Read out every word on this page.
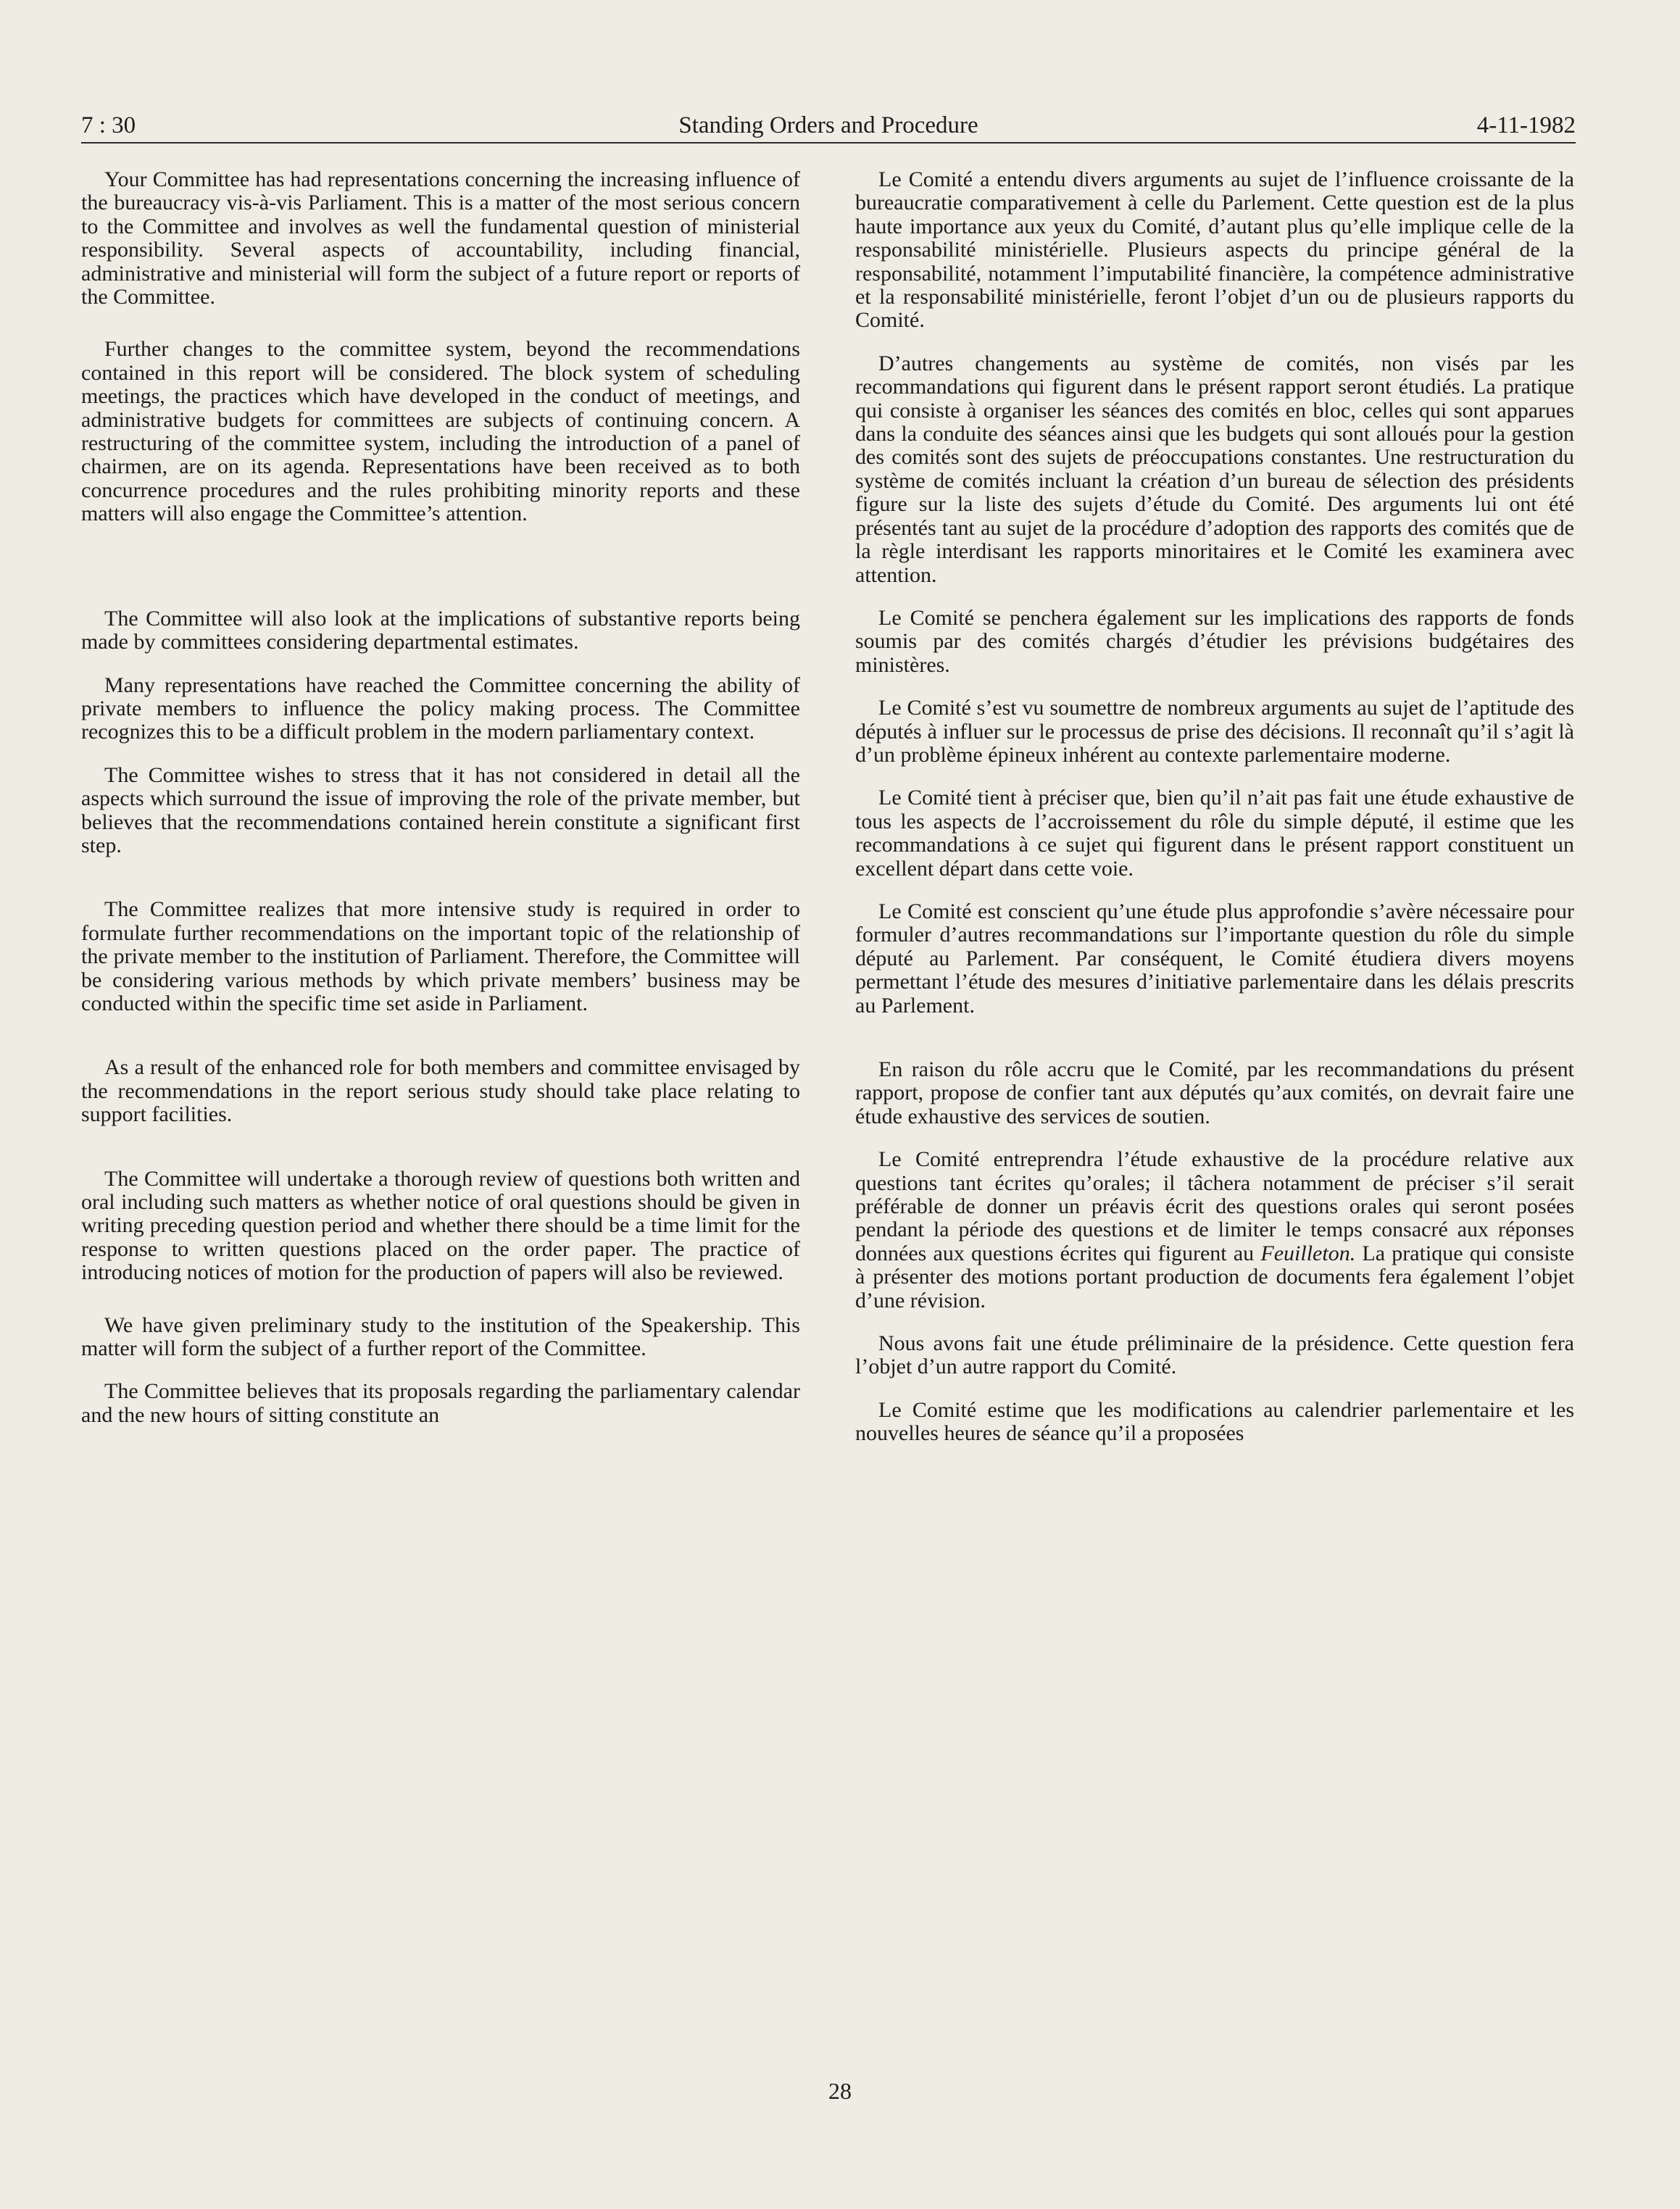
7 : 30	Standing Orders and Procedure	4-11-1982

Your Committee has had representations concerning the increasing influence of the bureaucracy vis-à-vis Parliament. This is a matter of the most serious concern to the Committee and involves as well the fundamental question of ministerial responsibility. Several aspects of accountability, including financial, administrative and ministerial will form the subject of a future report or reports of the Committee.

Further changes to the committee system, beyond the recommendations contained in this report will be considered. The block system of scheduling meetings, the practices which have developed in the conduct of meetings, and administrative budgets for committees are subjects of continuing concern. A restructuring of the committee system, including the introduction of a panel of chairmen, are on its agenda. Representations have been received as to both concurrence procedures and the rules prohibiting minority reports and these matters will also engage the Committee’s attention.

The Committee will also look at the implications of substantive reports being made by committees considering departmental estimates.

Many representations have reached the Committee concerning the ability of private members to influence the policy making process. The Committee recognizes this to be a difficult problem in the modern parliamentary context.

The Committee wishes to stress that it has not considered in detail all the aspects which surround the issue of improving the role of the private member, but believes that the recommendations contained herein constitute a significant first step.

The Committee realizes that more intensive study is required in order to formulate further recommendations on the important topic of the relationship of the private member to the institution of Parliament. Therefore, the Committee will be considering various methods by which private members’ business may be conducted within the specific time set aside in Parliament.

As a result of the enhanced role for both members and committee envisaged by the recommendations in the report serious study should take place relating to support facilities.

The Committee will undertake a thorough review of questions both written and oral including such matters as whether notice of oral questions should be given in writing preceding question period and whether there should be a time limit for the response to written questions placed on the order paper. The practice of introducing notices of motion for the production of papers will also be reviewed.

We have given preliminary study to the institution of the Speakership. This matter will form the subject of a further report of the Committee.

The Committee believes that its proposals regarding the parliamentary calendar and the new hours of sitting constitute an

Le Comité a entendu divers arguments au sujet de l’influence croissante de la bureaucratie comparativement à celle du Parlement. Cette question est de la plus haute importance aux yeux du Comité, d’autant plus qu’elle implique celle de la responsabilité ministérielle. Plusieurs aspects du principe général de la responsabilité, notamment l’imputabilité financière, la compétence administrative et la responsabilité ministérielle, feront l’objet d’un ou de plusieurs rapports du Comité.

D’autres changements au système de comités, non visés par les recommandations qui figurent dans le présent rapport seront étudiés. La pratique qui consiste à organiser les séances des comités en bloc, celles qui sont apparues dans la conduite des séances ainsi que les budgets qui sont alloués pour la gestion des comités sont des sujets de préoccupations constantes. Une restructuration du système de comités incluant la création d’un bureau de sélection des présidents figure sur la liste des sujets d’étude du Comité. Des arguments lui ont été présentés tant au sujet de la procédure d’adoption des rapports des comités que de la règle interdisant les rapports minoritaires et le Comité les examinera avec attention.

Le Comité se penchera également sur les implications des rapports de fonds soumis par des comités chargés d’étudier les prévisions budgétaires des ministères.

Le Comité s’est vu soumettre de nombreux arguments au sujet de l’aptitude des députés à influer sur le processus de prise des décisions. Il reconnaît qu’il s’agit là d’un problème épineux inhérent au contexte parlementaire moderne.

Le Comité tient à préciser que, bien qu’il n’ait pas fait une étude exhaustive de tous les aspects de l’accroissement du rôle du simple député, il estime que les recommandations à ce sujet qui figurent dans le présent rapport constituent un excellent départ dans cette voie.

Le Comité est conscient qu’une étude plus approfondie s’avère nécessaire pour formuler d’autres recommandations sur l’importante question du rôle du simple député au Parlement. Par conséquent, le Comité étudiera divers moyens permettant l’étude des mesures d’initiative parlementaire dans les délais prescrits au Parlement.

En raison du rôle accru que le Comité, par les recommandations du présent rapport, propose de confier tant aux députés qu’aux comités, on devrait faire une étude exhaustive des services de soutien.

Le Comité entreprendra l’étude exhaustive de la procédure relative aux questions tant écrites qu’orales; il tâchera notamment de préciser s’il serait préférable de donner un préavis écrit des questions orales qui seront posées pendant la période des questions et de limiter le temps consacré aux réponses données aux questions écrites qui figurent au Feuilleton. La pratique qui consiste à présenter des motions portant production de documents fera également l’objet d’une révision.

Nous avons fait une étude préliminaire de la présidence. Cette question fera l’objet d’un autre rapport du Comité.

Le Comité estime que les modifications au calendrier parlementaire et les nouvelles heures de séance qu’il a proposées

28
